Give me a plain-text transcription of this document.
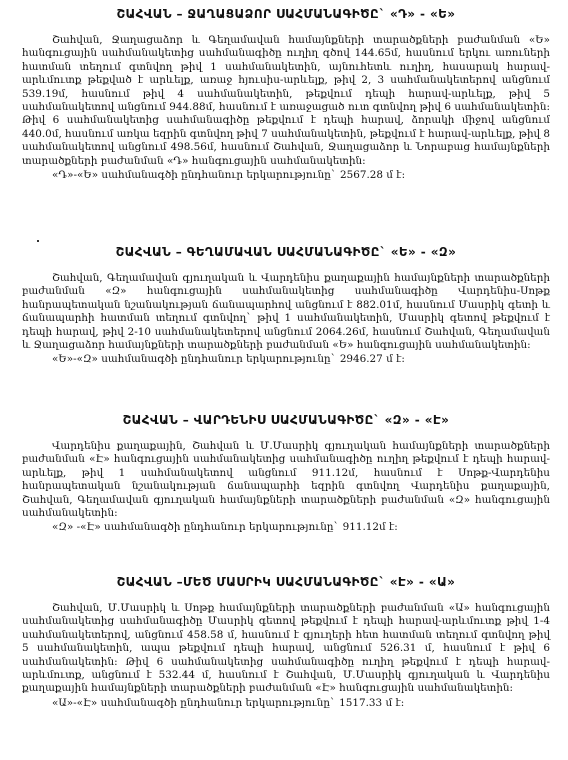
ՇԱՀՎԱՆ – ՋԱՂԱՑԱՁՈՐ ՍԱՀՄԱՆԱԳԻԾԸ` «Դ» - «Ե»

Շահվան, Ջաղացաձոր և Գեղամավան համայնքների տարածքների բաժանման «Ե» հանգուցային սահմանակետից սահմանագիծը ուղիղ գծով 144.65մ, հասնում երկու առուների հատման տեղում գտնվող թիվ 1 սահմանակետին, այնուհետև ուղիղ, հասարակ հարավ-արևմուտք թեքված է արևելք, առաջ հյուսիս-արևելք, թիվ 2, 3 սահմանակետերով անցնում 539.19մ, հասնում թիվ 4 սահմանակետին, թեքվում դեպի հարավ-արևելք, թիվ 5 սահմանակետով անցնում 944.88մ, հասնում է առաջացած ուտ գտնվող թիվ 6 սահմանակետին: Թիվ 6 սահմանակետից սահմանագիծը թեքվում է դեպի հարավ, ձորակի միջով անցնում 440.0մ, հասնում առկա եզրին գտնվող թիվ 7 սահմանակետին, թեքվում է հարավ-արևելք, թիվ 8 սահմանակետով անցնում 498.56մ, հասնում Շահվան, Ջաղացաձոր և Նորաբաց համայնքների տարածքների բաժանման «Դ» հանգուցային սահմանակետին:

«Դ»-«Ե» սահմանագծի ընդհանուր երկարությունը` 2567.28 մ է:
ՇԱՀՎԱՆ – ԳԵՂԱՄԱՎԱՆ ՍԱՀՄԱՆԱԳԻԾԸ` «Ե» - «Զ»

Շահվան, Գեղամավան գյուղական և Վարդենիս քաղաքային համայնքների տարածքների բաժանման «Զ» հանգուցային սահմանակետից սահմանագիծը Վարդենիս-Սոթք հանրապետական նշանակության ճանապարհով անցնում է 882.01մ, հասնում Մասրիկ գետի և ճանապարհի հատման տեղում գտնվող` թիվ 1 սահմանակետին, Մասրիկ գետով թեքվում է դեպի հարավ, թիվ 2-10 սահմանակետերով անցնում 2064.26մ, հասնում Շահվան, Գեղամավան և Ջաղացաձոր համայնքների տարածքների բաժանման «Ե» հանգուցային սահմանակետին:

«Ե»-«Զ» սահմանագծի ընդհանուր երկարությունը` 2946.27 մ է:
ՇԱՀՎԱՆ – ՎԱՐԴԵՆԻՍ ՍԱՀՄԱՆԱԳԻԾԸ` «Զ» - «Է»

Վարդենիս քաղաքային, Շահվան և Մ.Մասրիկ գյուղական համայնքների տարածքների բաժանման «Է» հանգուցային սահմանակետից սահմանագիծը ուղիղ թեքվում է դեպի հարավ-արևելք, թիվ 1 սահմանակետով անցնում 911.12մ, հասնում է Սոթք-Վարդենիս հանրապետական նշանակության ճանապարհի եզրին գտնվող Վարդենիս քաղաքային, Շահվան, Գեղամավան գյուղական համայնքների տարածքների բաժանման «Զ» հանգուցային սահմանակետին:

«Զ» -«Է» սահմանագծի ընդհանուր երկարությունը` 911.12մ է:
ՇԱՀՎԱՆ –ՄԵԾ ՄԱՍՐԻԿ ՍԱՀՄԱՆԱԳԻԾԸ` «Է» - «Ա»

Շահվան, Մ.Մասրիկ և Սոթք համայնքների տարածքների բաժանման «Ա» հանգուցային սահմանակետից սահմանագիծը Մասրիկ գետով թեքվում է դեպի հարավ-արևմուտք թիվ 1-4 սահմանակետերով, անցնում 458.58 մ, հասնում է գյուղերի հետ հատման տեղում գտնվող թիվ 5 սահմանակետին, ապա թեքվում դեպի հարավ, անցնում 526.31 մ, հասնում է թիվ 6 սահմանակետին: Թիվ 6 սահմանակետից սահմանագիծը ուղիղ թեքվում է դեպի հարավ-արևմուտք, անցնում է 532.44 մ, հասնում է Շահվան, Մ.Մասրիկ գյուղական և Վարդենիս քաղաքային համայնքների տարածքների բաժանման «Է» հանգուցային սահմանակետին:

«Ա»-«Է» սահմանագծի ընդհանուր երկարությունը` 1517.33 մ է:
